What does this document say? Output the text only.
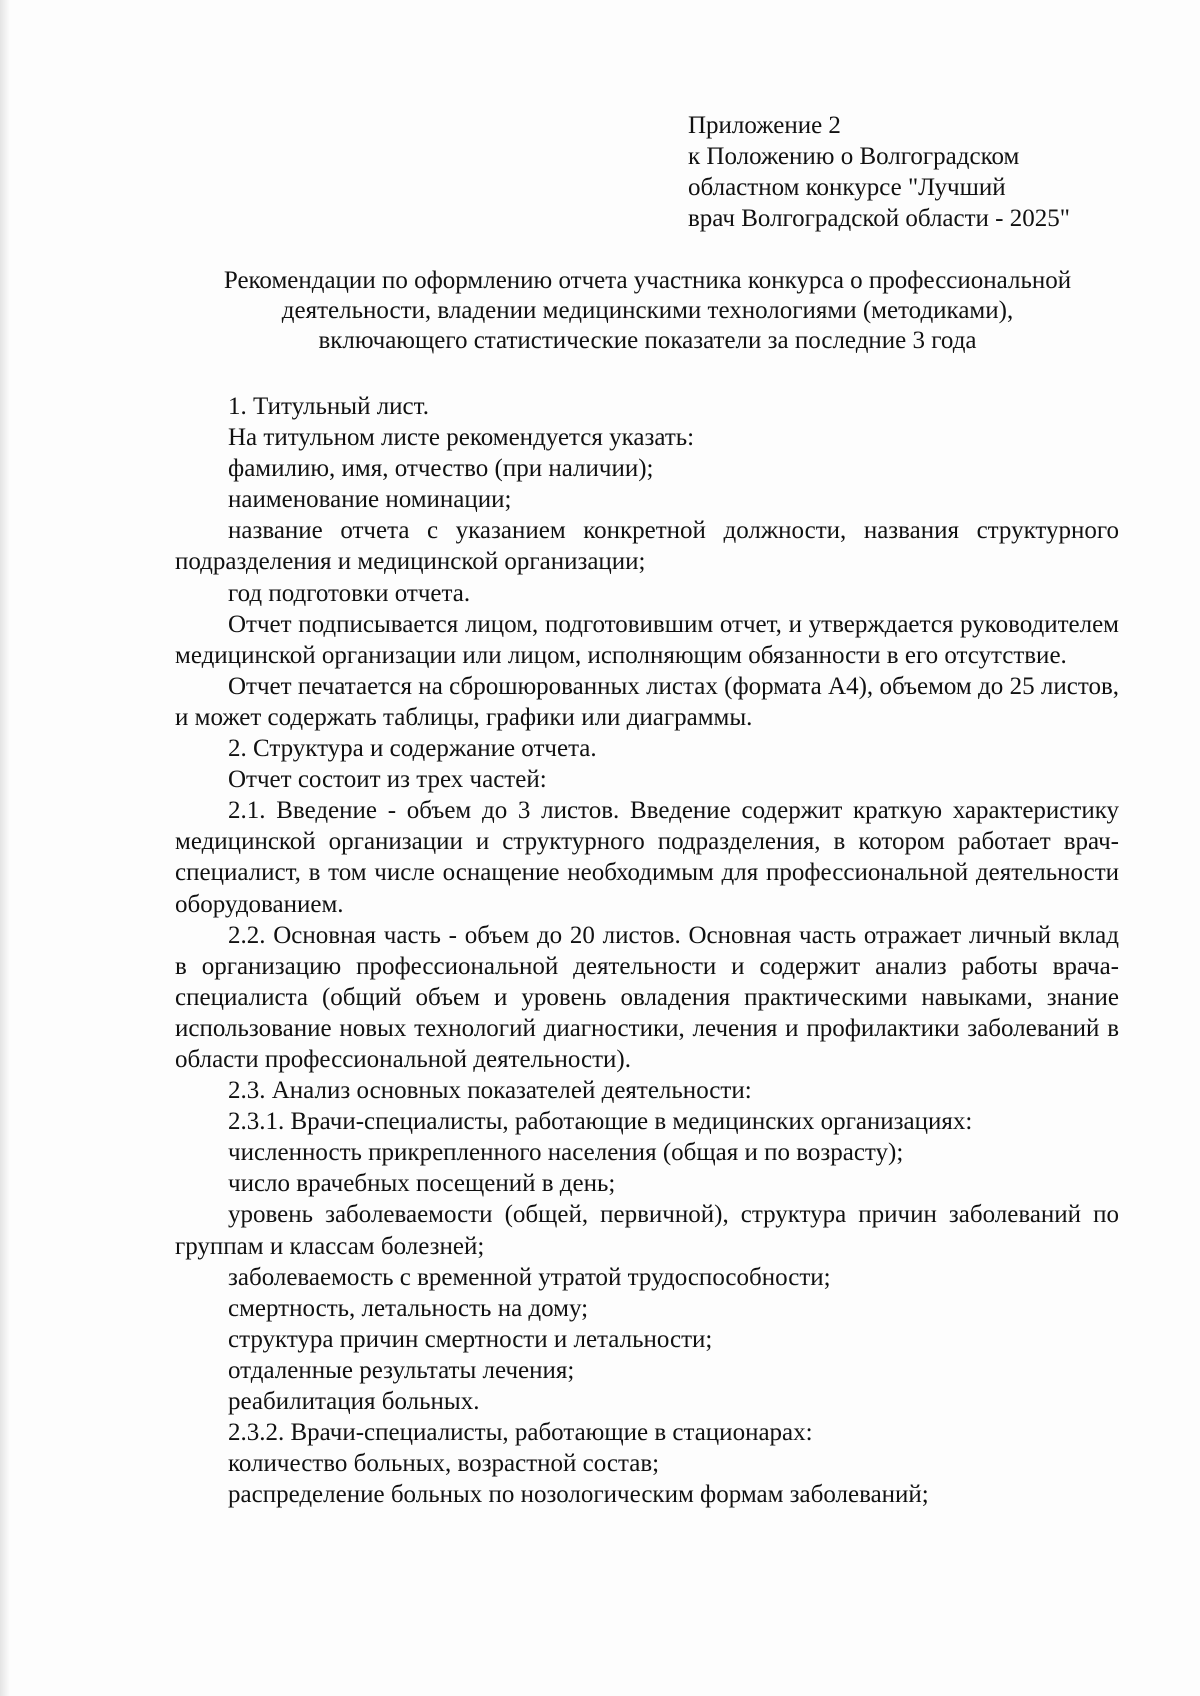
Приложение 2
к Положению о Волгоградском
областном конкурсе "Лучший
врач Волгоградской области - 2025"
Рекомендации по оформлению отчета участника конкурса о профессиональной
деятельности, владении медицинскими технологиями (методиками),
включающего статистические показатели за последние 3 года

1. Титульный лист.

На титульном листе рекомендуется указать:

фамилию, имя, отчество (при наличии);

наименование номинации;

название отчета с указанием конкретной должности, названия структурного подразделения и медицинской организации;

год подготовки отчета.

Отчет подписывается лицом, подготовившим отчет, и утверждается руководителем медицинской организации или лицом, исполняющим обязанности в его отсутствие.

Отчет печатается на сброшюрованных листах (формата А4), объемом до 25 листов, и может содержать таблицы, графики или диаграммы.

2. Структура и содержание отчета.

Отчет состоит из трех частей:

2.1. Введение - объем до 3 листов. Введение содержит краткую характеристику медицинской организации и структурного подразделения, в котором работает врач-специалист, в том числе оснащение необходимым для профессиональной деятельности оборудованием.

2.2. Основная часть - объем до 20 листов. Основная часть отражает личный вклад в организацию профессиональной деятельности и содержит анализ работы врача-специалиста (общий объем и уровень овладения практическими навыками, знание использование новых технологий диагностики, лечения и профилактики заболеваний в области профессиональной деятельности).

2.3. Анализ основных показателей деятельности:

2.3.1. Врачи-специалисты, работающие в медицинских организациях:

численность прикрепленного населения (общая и по возрасту);

число врачебных посещений в день;

уровень заболеваемости (общей, первичной), структура причин заболеваний по группам и классам болезней;

заболеваемость с временной утратой трудоспособности;

смертность, летальность на дому;

структура причин смертности и летальности;

отдаленные результаты лечения;

реабилитация больных.

2.3.2. Врачи-специалисты, работающие в стационарах:

количество больных, возрастной состав;

распределение больных по нозологическим формам заболеваний;
